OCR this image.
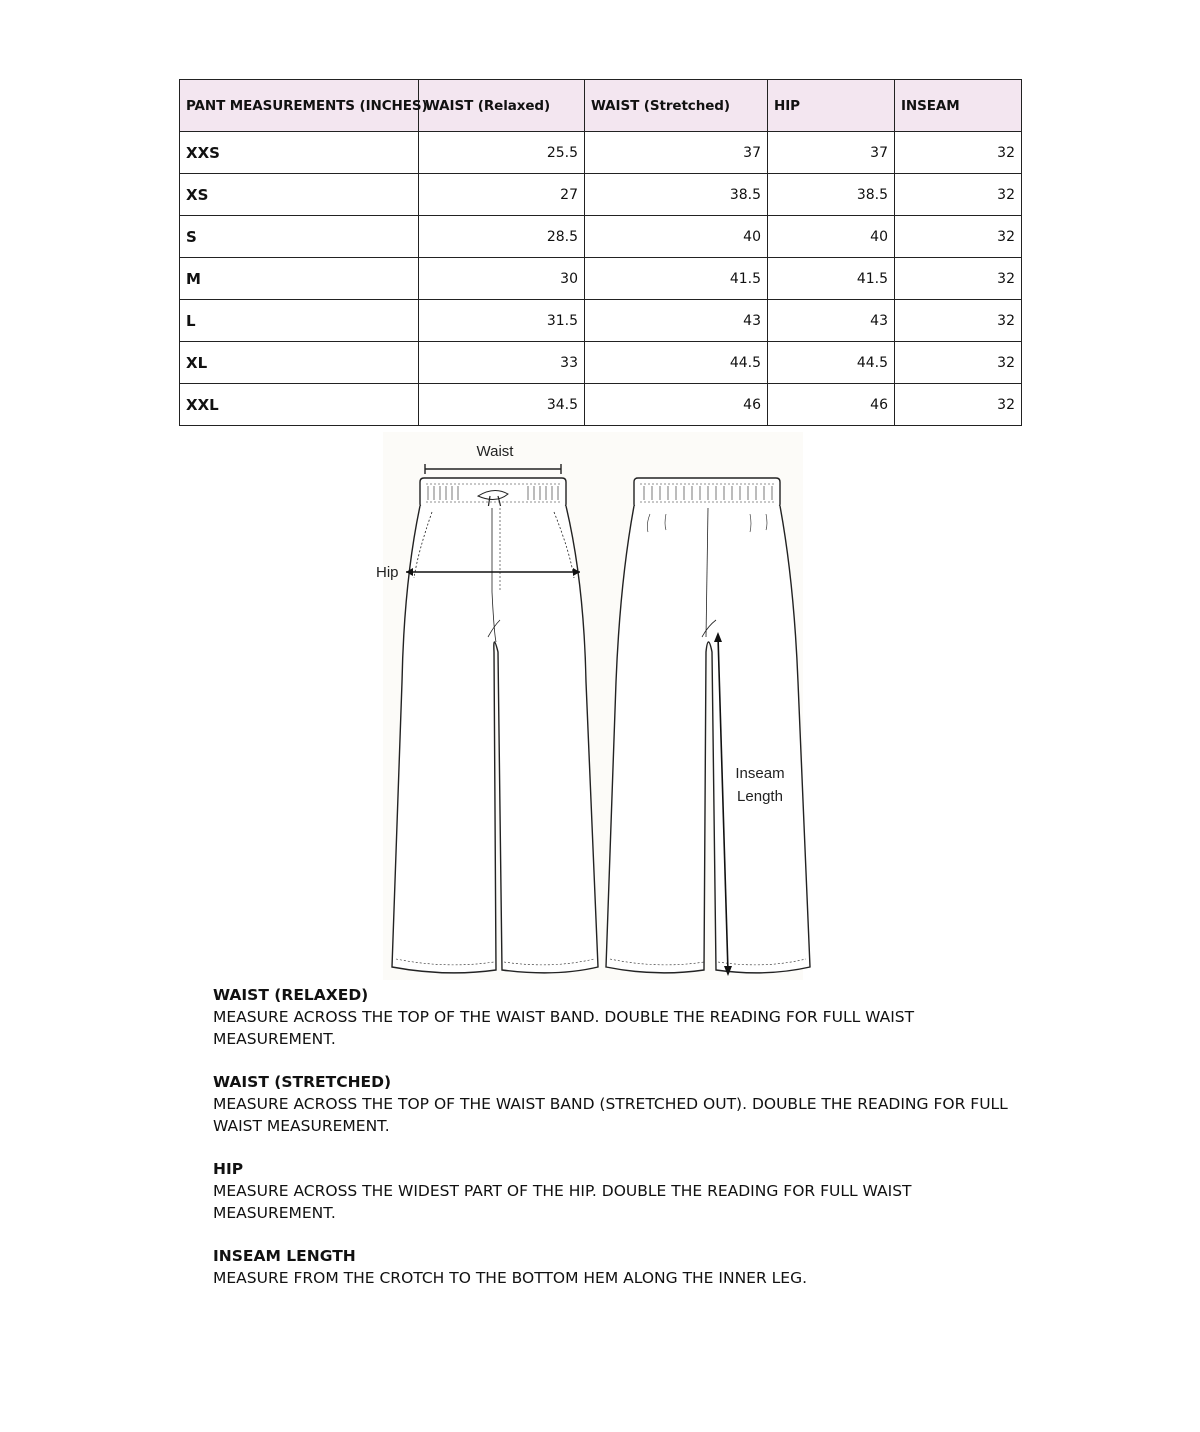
PANT MEASUREMENTS (INCHES)	WAIST (Relaxed)	WAIST (Stretched)	HIP	INSEAM
XXS	25.5	37	37	32
XS	27	38.5	38.5	32
S	28.5	40	40	32
M	30	41.5	41.5	32
L	31.5	43	43	32
XL	33	44.5	44.5	32
XXL	34.5	46	46	32
Waist
Hip
Inseam
Length
WAIST (RELAXED)
MEASURE ACROSS THE TOP OF THE WAIST BAND. DOUBLE THE READING FOR FULL WAIST MEASUREMENT.
WAIST (STRETCHED)
MEASURE ACROSS THE TOP OF THE WAIST BAND (STRETCHED OUT). DOUBLE THE READING FOR FULL WAIST MEASUREMENT.
HIP
MEASURE ACROSS THE WIDEST PART OF THE HIP. DOUBLE THE READING FOR FULL WAIST MEASUREMENT.
INSEAM LENGTH
MEASURE FROM THE CROTCH TO THE BOTTOM HEM ALONG THE INNER LEG.
